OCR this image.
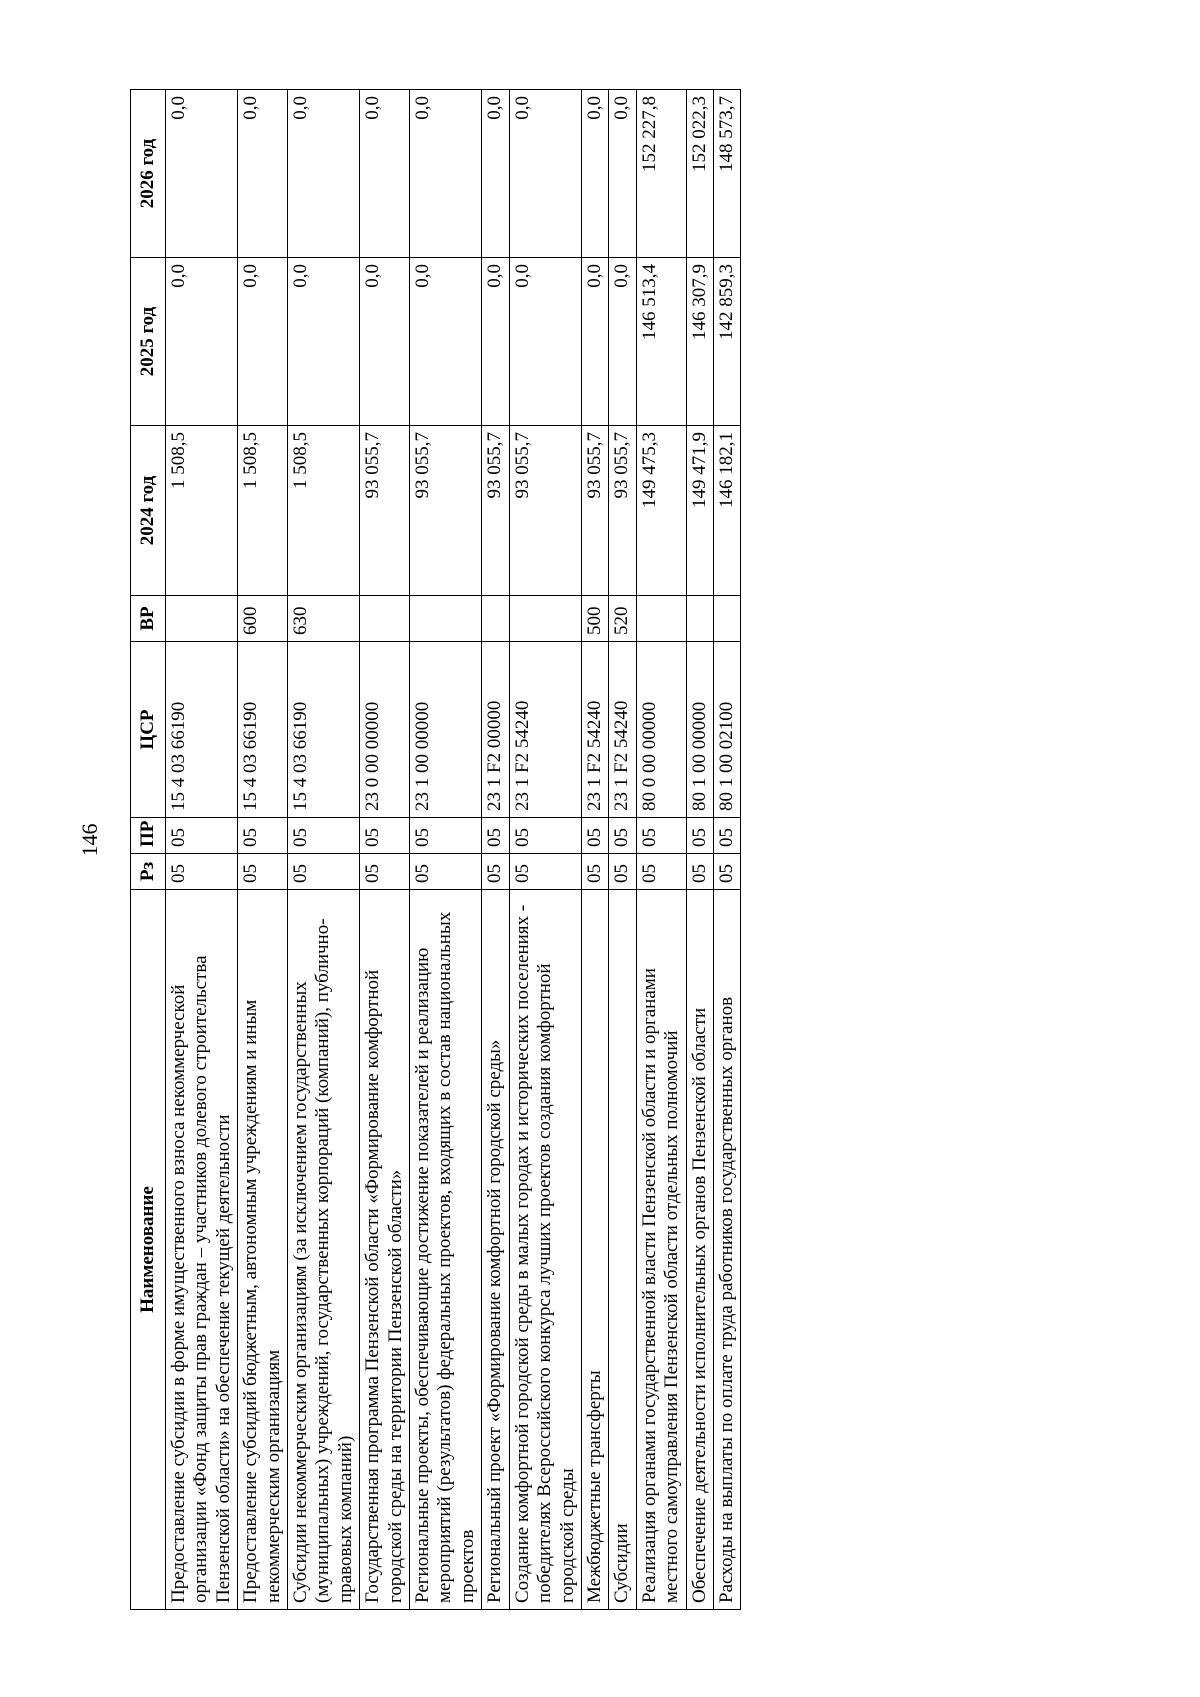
146
Наименование	Рз	ПР	ЦСР	ВР	2024 год	2025 год	2026 год
Предоставление субсидии в форме имущественного взноса некоммерческой организации «Фонд защиты прав граждан – участников долевого строительства Пензенской области» на обеспечение текущей деятельности	05	05	15 4 03 66190		1 508,5	0,0	0,0
Предоставление субсидий бюджетным, автономным учреждениям и иным некоммерческим организациям	05	05	15 4 03 66190	600	1 508,5	0,0	0,0
Субсидии некоммерческим организациям (за исключением государственных (муниципальных) учреждений, государственных корпораций (компаний), публично-правовых компаний)	05	05	15 4 03 66190	630	1 508,5	0,0	0,0
Государственная программа Пензенской области «Формирование комфортной городской среды на территории Пензенской области»	05	05	23 0 00 00000		93 055,7	0,0	0,0
Региональные проекты, обеспечивающие достижение показателей и реализацию мероприятий (результатов) федеральных проектов, входящих в состав национальных проектов	05	05	23 1 00 00000		93 055,7	0,0	0,0
Региональный проект «Формирование комфортной городской среды»	05	05	23 1 F2 00000		93 055,7	0,0	0,0
Создание комфортной городской среды в малых городах и исторических поселениях - победителях Всероссийского конкурса лучших проектов создания комфортной городской среды	05	05	23 1 F2 54240		93 055,7	0,0	0,0
Межбюджетные трансферты	05	05	23 1 F2 54240	500	93 055,7	0,0	0,0
Субсидии	05	05	23 1 F2 54240	520	93 055,7	0,0	0,0
Реализация органами государственной власти Пензенской области и органами местного самоуправления Пензенской области отдельных полномочий	05	05	80 0 00 00000		149 475,3	146 513,4	152 227,8
Обеспечение деятельности исполнительных органов Пензенской области	05	05	80 1 00 00000		149 471,9	146 307,9	152 022,3
Расходы на выплаты по оплате труда работников государственных органов	05	05	80 1 00 02100		146 182,1	142 859,3	148 573,7
